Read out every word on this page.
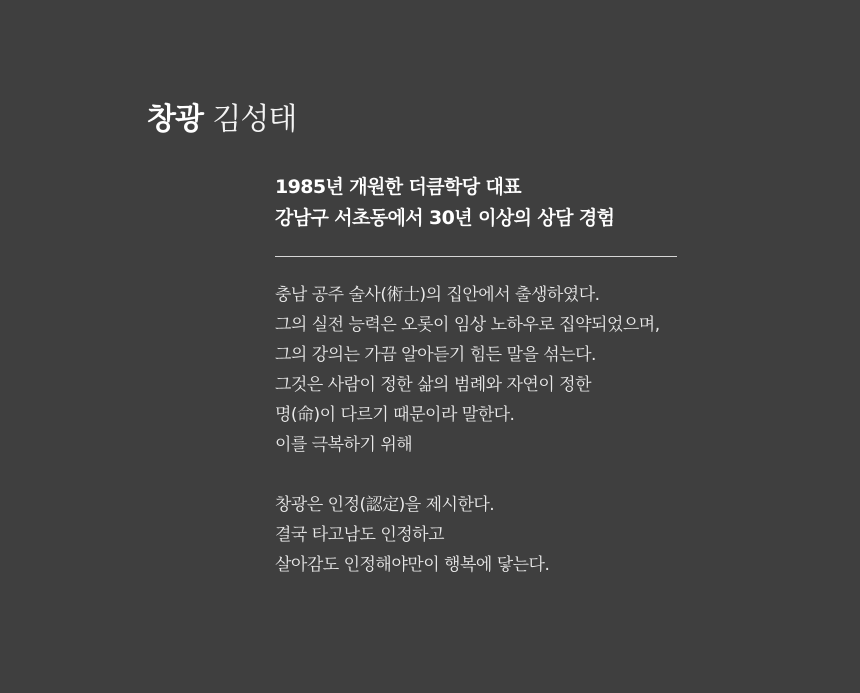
창광 김성태

1985년 개원한 더큼학당 대표

강남구 서초동에서 30년 이상의 상담 경험

충남 공주 술사(術士)의 집안에서 출생하였다.

그의 실전 능력은 오롯이 임상 노하우로 집약되었으며,

그의 강의는 가끔 알아듣기 힘든 말을 섞는다.

그것은 사람이 정한 삶의 범례와 자연이 정한

명(命)이 다르기 때문이라 말한다.

이를 극복하기 위해

창광은 인정(認定)을 제시한다.

결국 타고남도 인정하고

살아감도 인정해야만이 행복에 닿는다.
